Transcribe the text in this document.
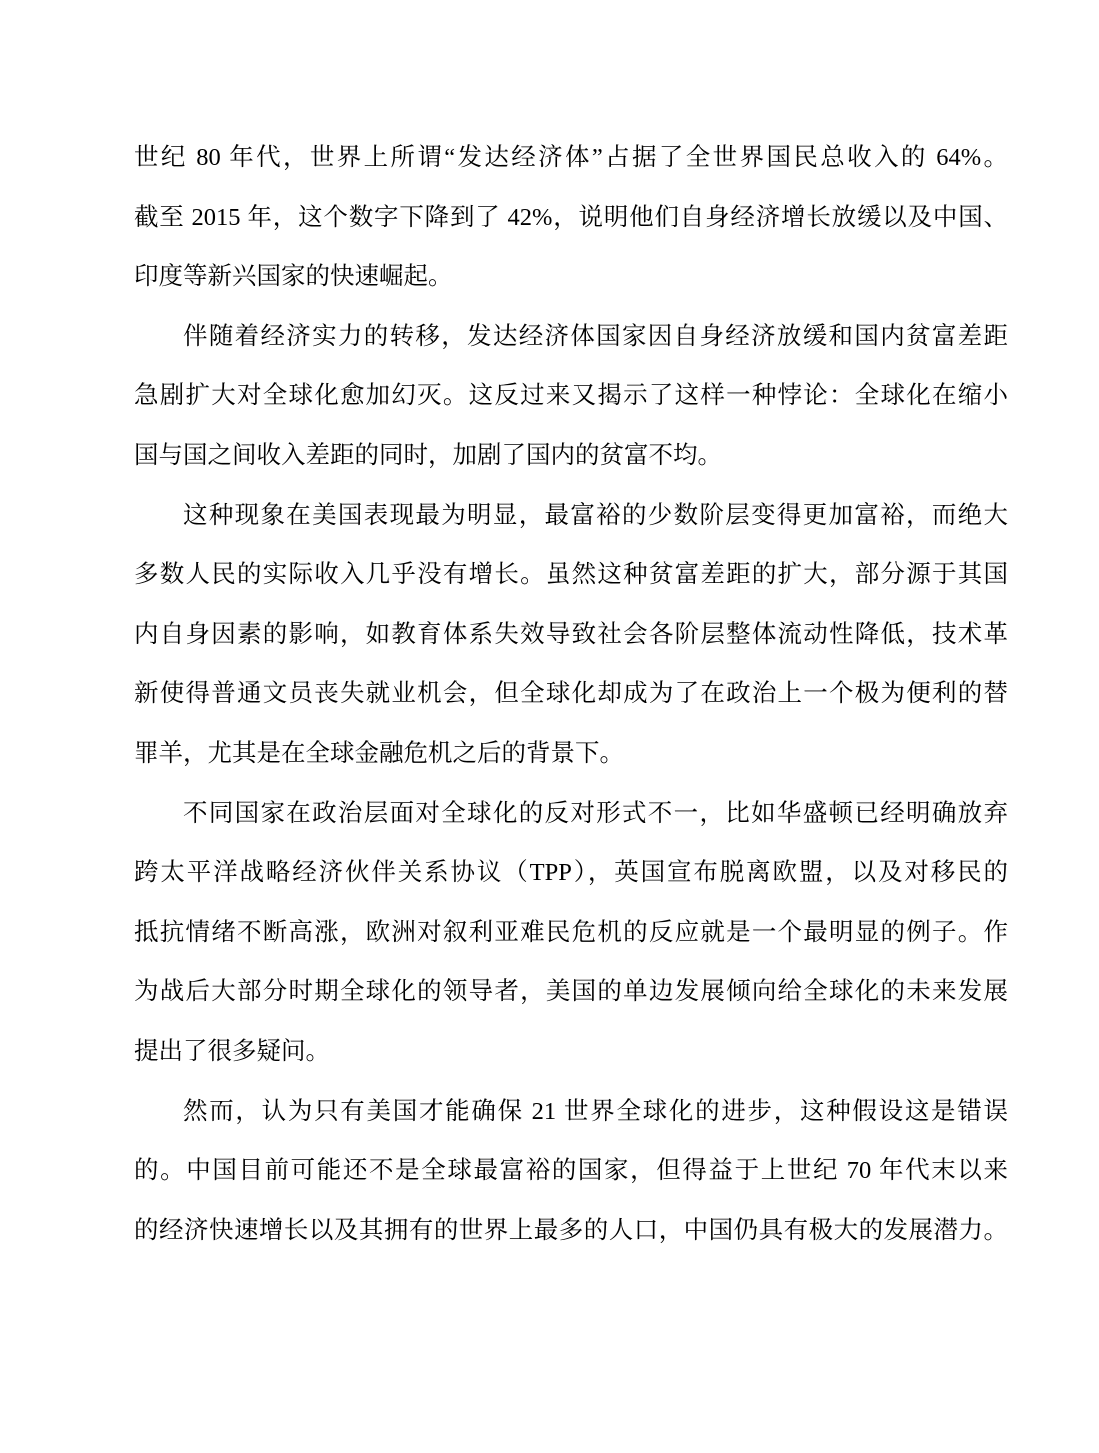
世纪 80 年代，世界上所谓“发达经济体”占据了全世界国民总收入的 64%。
截至 2015 年，这个数字下降到了 42%，说明他们自身经济增长放缓以及中国、
印度等新兴国家的快速崛起。
伴随着经济实力的转移，发达经济体国家因自身经济放缓和国内贫富差距
急剧扩大对全球化愈加幻灭。这反过来又揭示了这样一种悖论：全球化在缩小
国与国之间收入差距的同时，加剧了国内的贫富不均。
这种现象在美国表现最为明显，最富裕的少数阶层变得更加富裕，而绝大
多数人民的实际收入几乎没有增长。虽然这种贫富差距的扩大，部分源于其国
内自身因素的影响，如教育体系失效导致社会各阶层整体流动性降低，技术革
新使得普通文员丧失就业机会，但全球化却成为了在政治上一个极为便利的替
罪羊，尤其是在全球金融危机之后的背景下。
不同国家在政治层面对全球化的反对形式不一，比如华盛顿已经明确放弃
跨太平洋战略经济伙伴关系协议（TPP），英国宣布脱离欧盟，以及对移民的
抵抗情绪不断高涨，欧洲对叙利亚难民危机的反应就是一个最明显的例子。作
为战后大部分时期全球化的领导者，美国的单边发展倾向给全球化的未来发展
提出了很多疑问。
然而，认为只有美国才能确保 21 世界全球化的进步，这种假设这是错误
的。中国目前可能还不是全球最富裕的国家，但得益于上世纪 70 年代末以来
的经济快速增长以及其拥有的世界上最多的人口，中国仍具有极大的发展潜力。
